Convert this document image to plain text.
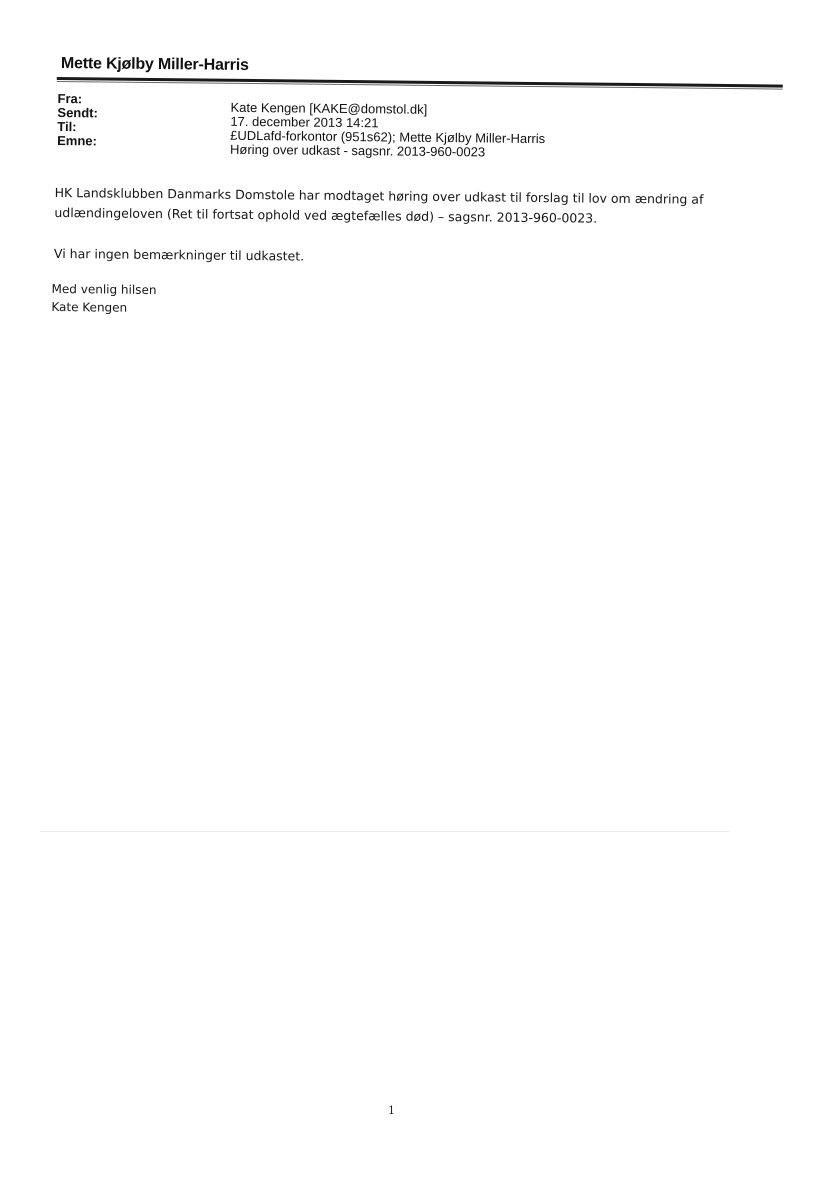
Mette Kjølby Miller-Harris
Fra:
Kate Kengen [KAKE@domstol.dk]
Sendt:
17. december 2013 14:21
Til:
£UDLafd-forkontor (951s62); Mette Kjølby Miller-Harris
Emne:
Høring over udkast - sagsnr. 2013-960-0023
HK Landsklubben Danmarks Domstole har modtaget høring over udkast til forslag til lov om ændring af
udlændingeloven (Ret til fortsat ophold ved ægtefælles død) – sagsnr. 2013-960-0023.
Vi har ingen bemærkninger til udkastet.
Med venlig hilsen
Kate Kengen
1
